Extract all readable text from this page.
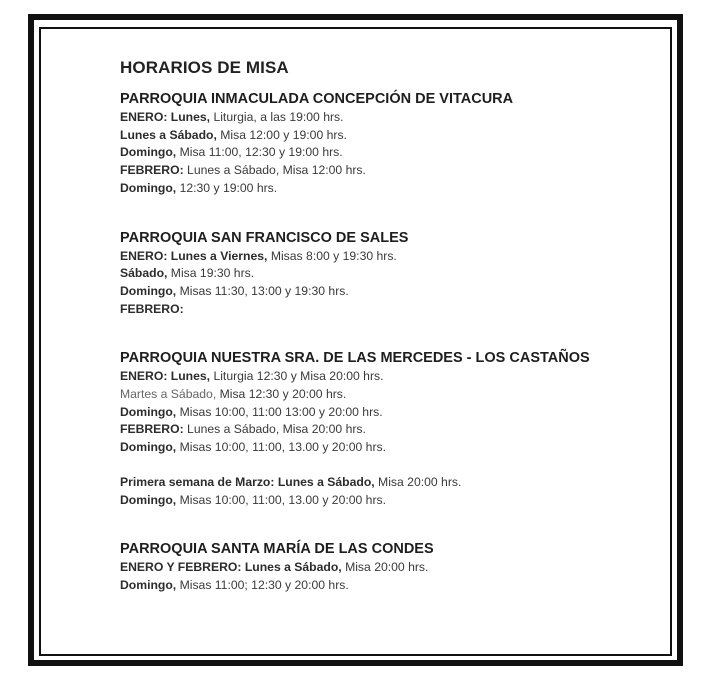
HORARIOS DE MISA
PARROQUIA INMACULADA CONCEPCIÓN DE VITACURA
ENERO: Lunes, Liturgia, a las 19:00 hrs.
Lunes a Sábado, Misa 12:00 y 19:00 hrs.
Domingo, Misa 11:00, 12:30 y 19:00 hrs.
FEBRERO: Lunes a Sábado, Misa 12:00 hrs.
Domingo, 12:30 y 19:00 hrs.
PARROQUIA SAN FRANCISCO DE SALES
ENERO: Lunes a Viernes, Misas 8:00 y 19:30 hrs.
Sábado, Misa 19:30 hrs.
Domingo, Misas 11:30, 13:00 y 19:30 hrs.
FEBRERO:
PARROQUIA NUESTRA SRA. DE LAS MERCEDES - LOS CASTAÑOS
ENERO: Lunes, Liturgia 12:30 y Misa 20:00 hrs.
Martes a Sábado, Misa 12:30 y 20:00 hrs.
Domingo, Misas 10:00, 11:00 13:00 y 20:00 hrs.
FEBRERO: Lunes a Sábado, Misa 20:00 hrs.
Domingo, Misas 10:00, 11:00, 13.00 y 20:00 hrs.
Primera semana de Marzo: Lunes a Sábado, Misa 20:00 hrs.
Domingo, Misas 10:00, 11:00, 13.00 y 20:00 hrs.
PARROQUIA SANTA MARÍA DE LAS CONDES
ENERO Y FEBRERO: Lunes a Sábado, Misa 20:00 hrs.
Domingo, Misas 11:00; 12:30 y 20:00 hrs.
